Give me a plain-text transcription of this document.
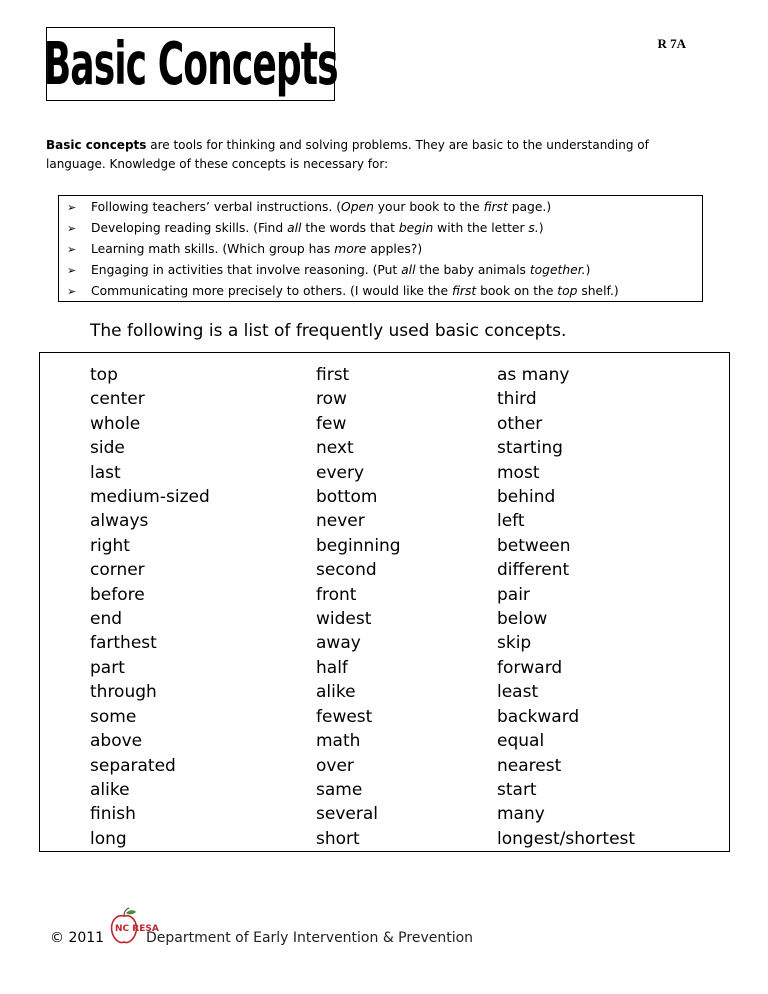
Basic Concepts	R 7A
Basic concepts are tools for thinking and solving problems. They are basic to the understanding of language. Knowledge of these concepts is necessary for:
➢ Following teachers’ verbal instructions. (Open your book to the first page.)
➢ Developing reading skills. (Find all the words that begin with the letter s.)
➢ Learning math skills. (Which group has more apples?)
➢ Engaging in activities that involve reasoning. (Put all the baby animals together.)
➢ Communicating more precisely to others. (I would like the first book on the top shelf.)
The following is a list of frequently used basic concepts.
top
center
whole
side
last
medium-sized
always
right
corner
before
end
farthest
part
through
some
above
separated
alike
finish
long
first
row
few
next
every
bottom
never
beginning
second
front
widest
away
half
alike
fewest
math
over
same
several
short
as many
third
other
starting
most
behind
left
between
different
pair
below
skip
forward
least
backward
equal
nearest
start
many
longest/shortest
© 2011
NC RESA
Department of Early Intervention & Prevention
